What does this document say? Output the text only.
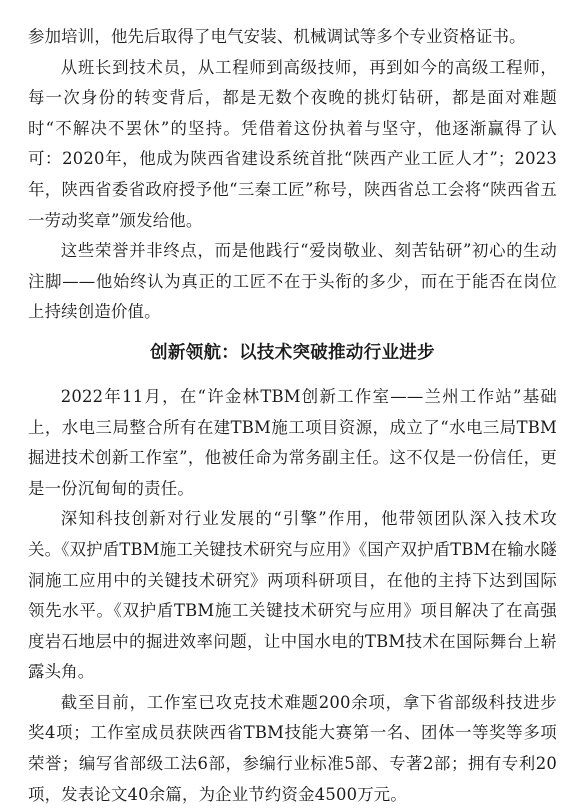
参加培训，他先后取得了电气安装、机械调试等多个专业资格证书。

从班长到技术员，从工程师到高级技师，再到如今的高级工程师，每一次身份的转变背后，都是无数个夜晚的挑灯钻研，都是面对难题时“不解决不罢休”的坚持。凭借着这份执着与坚守，他逐渐赢得了认可：2020年，他成为陕西省建设系统首批“陕西产业工匠人才”；2023年，陕西省委省政府授予他“三秦工匠”称号，陕西省总工会将“陕西省五一劳动奖章”颁发给他。

这些荣誉并非终点，而是他践行“爱岗敬业、刻苦钻研”初心的生动注脚——他始终认为真正的工匠不在于头衔的多少，而在于能否在岗位上持续创造价值。

创新领航：以技术突破推动行业进步

2022年11月，在“许金林TBM创新工作室——兰州工作站”基础上，水电三局整合所有在建TBM施工项目资源，成立了“水电三局TBM掘进技术创新工作室”，他被任命为常务副主任。这不仅是一份信任，更是一份沉甸甸的责任。

深知科技创新对行业发展的“引擎”作用，他带领团队深入技术攻关。《双护盾TBM施工关键技术研究与应用》《国产双护盾TBM在输水隧洞施工应用中的关键技术研究》两项科研项目，在他的主持下达到国际领先水平。《双护盾TBM施工关键技术研究与应用》项目解决了在高强度岩石地层中的掘进效率问题，让中国水电的TBM技术在国际舞台上崭露头角。

截至目前，工作室已攻克技术难题200余项，拿下省部级科技进步奖4项；工作室成员获陕西省TBM技能大赛第一名、团体一等奖等多项荣誉；编写省部级工法6部，参编行业标准5部、专著2部；拥有专利20项，发表论文40余篇，为企业节约资金4500万元。
